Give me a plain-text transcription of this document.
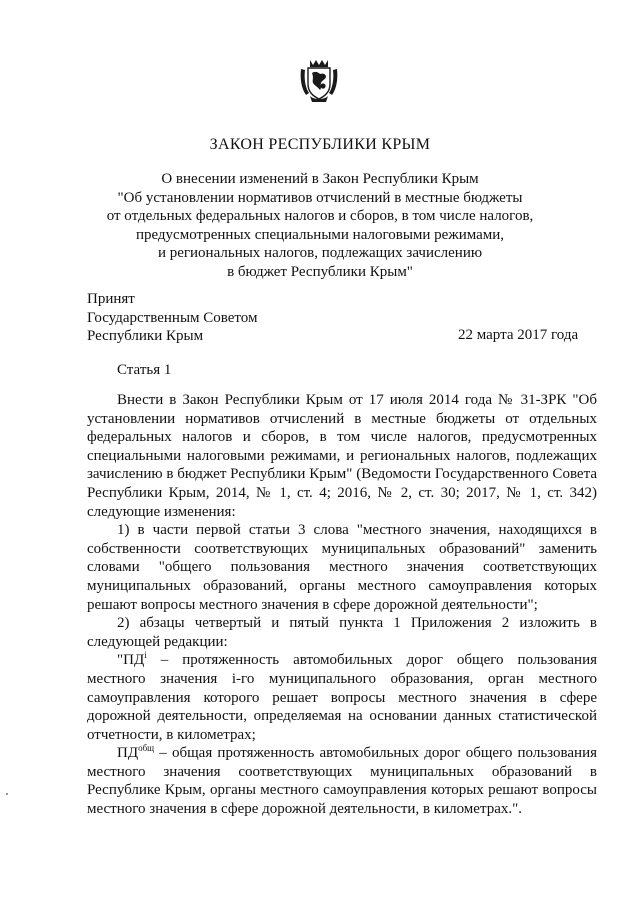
ЗАКОН РЕСПУБЛИКИ КРЫМ
О внесении изменений в Закон Республики Крым
"Об установлении нормативов отчислений в местные бюджеты
от отдельных федеральных налогов и сборов, в том числе налогов,
предусмотренных специальными налоговыми режимами,
и региональных налогов, подлежащих зачислению
в бюджет Республики Крым"
Принят
Государственным Советом
Республики Крым	22 марта 2017 года
Статья 1

Внести в Закон Республики Крым от 17 июля 2014 года № 31-ЗРК "Об установлении нормативов отчислений в местные бюджеты от отдельных федеральных налогов и сборов, в том числе налогов, предусмотренных специальными налоговыми режимами, и региональных налогов, подлежащих зачислению в бюджет Республики Крым" (Ведомости Государственного Совета Республики Крым, 2014, № 1, ст. 4; 2016, № 2, ст. 30; 2017, № 1, ст. 342) следующие изменения:

1) в части первой статьи 3 слова "местного значения, находящихся в собственности соответствующих муниципальных образований" заменить словами "общего пользования местного значения соответствующих муниципальных образований, органы местного самоуправления которых решают вопросы местного значения в сфере дорожной деятельности";

2) абзацы четвертый и пятый пункта 1 Приложения 2 изложить в следующей редакции:

"$ПД^i$ – протяженность автомобильных дорог общего пользования местного значения i-го муниципального образования, орган местного самоуправления которого решает вопросы местного значения в сфере дорожной деятельности, определяемая на основании данных статистической отчетности, в километрах;

$ПД^{общ}$ – общая протяженность автомобильных дорог общего пользования местного значения соответствующих муниципальных образований в Республике Крым, органы местного самоуправления которых решают вопросы местного значения в сфере дорожной деятельности, в километрах.".
